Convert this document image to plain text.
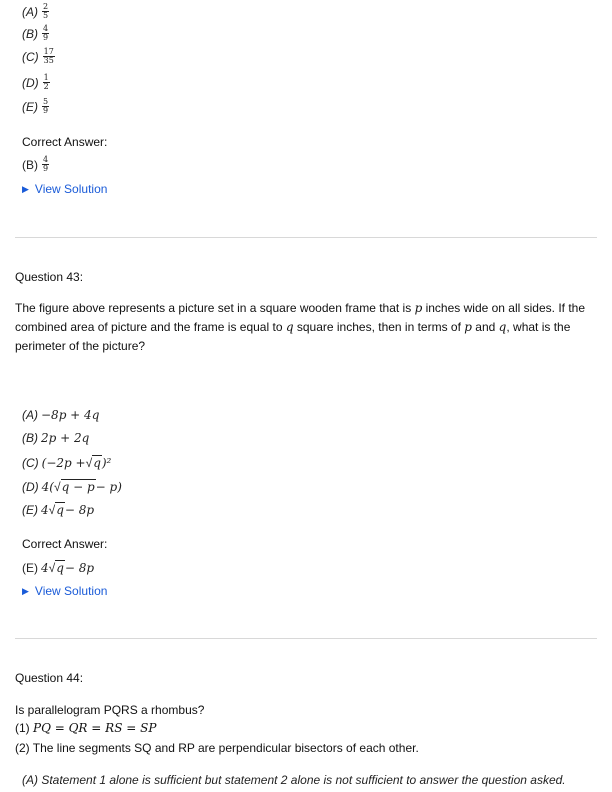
$(A) \frac{2}{5}$
$(B) \frac{4}{9}$
$(C) \frac{17}{35}$
$(D) \frac{1}{2}$
$(E) \frac{5}{9}$
Correct Answer:
$(B) \frac{4}{9}$
▶ View Solution
Question 43:
The figure above represents a picture set in a square wooden frame that is p inches wide on all sides. If the combined area of picture and the frame is equal to q square inches, then in terms of p and q, what is the perimeter of the picture?
(A) −8p + 4q
(B) 2p + 2q
(C) (−2p + √ q )²
(D) 4( √ q − p − p)
(E) 4 √ q − 8p
Correct Answer:
(E) 4 √ q − 8p
▶ View Solution
Question 44:
Is parallelogram PQRS a rhombus?
(1) PQ = QR = RS = SP
(2) The line segments SQ and RP are perpendicular bisectors of each other.
(A) Statement 1 alone is sufficient but statement 2 alone is not sufficient to answer the question asked.
